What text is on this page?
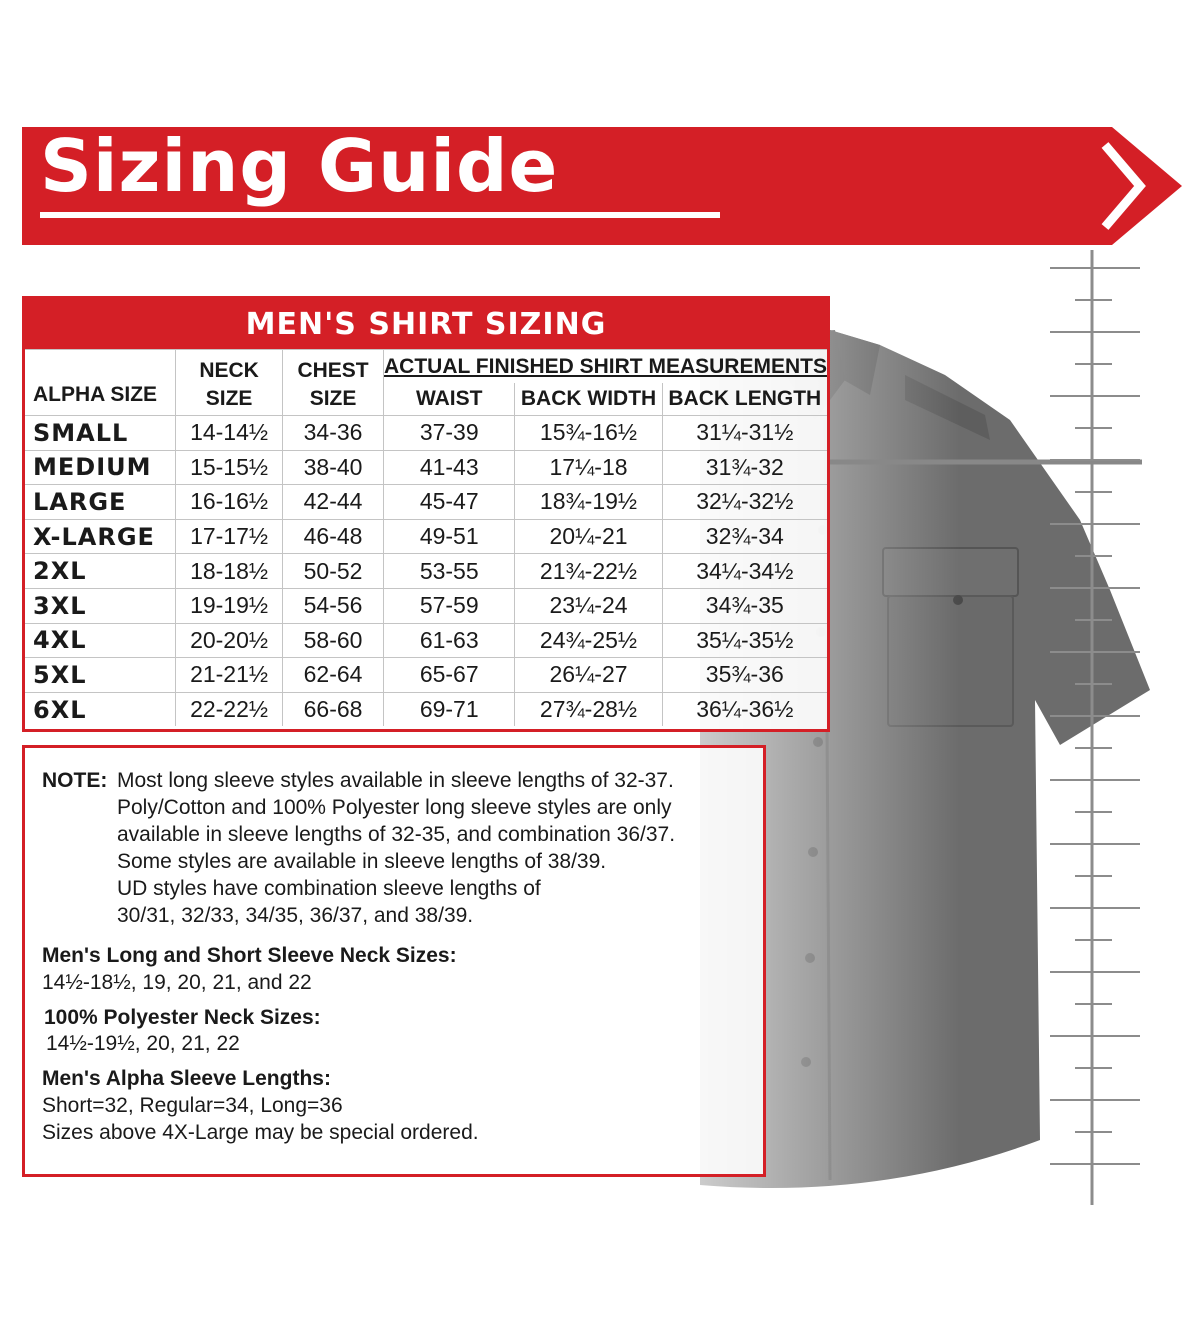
Sizing Guide
MEN'S SHIRT SIZING
ALPHA SIZE	NECK	CHEST	ACTUAL FINISHED SHIRT MEASUREMENTS		
	SIZE	SIZE	WAIST	BACK WIDTH	BACK LENGTH
SMALL	14-14½	34-36	37-39	15¾-16½	31¼-31½
MEDIUM	15-15½	38-40	41-43	17¼-18	31¾-32
LARGE	16-16½	42-44	45-47	18¾-19½	32¼-32½
X-LARGE	17-17½	46-48	49-51	20¼-21	32¾-34
2XL	18-18½	50-52	53-55	21¾-22½	34¼-34½
3XL	19-19½	54-56	57-59	23¼-24	34¾-35
4XL	20-20½	58-60	61-63	24¾-25½	35¼-35½
5XL	21-21½	62-64	65-67	26¼-27	35¾-36
6XL	22-22½	66-68	69-71	27¾-28½	36¼-36½
NOTE: Most long sleeve styles available in sleeve lengths of 32-37.
Poly/Cotton and 100% Polyester long sleeve styles are only
available in sleeve lengths of 32-35, and combination 36/37.
Some styles are available in sleeve lengths of 38/39.
UD styles have combination sleeve lengths of
30/31, 32/33, 34/35, 36/37, and 38/39.
Men's Long and Short Sleeve Neck Sizes:
14½-18½, 19, 20, 21, and 22
100% Polyester Neck Sizes:
14½-19½, 20, 21, 22
Men's Alpha Sleeve Lengths:
Short=32, Regular=34, Long=36
Sizes above 4X-Large may be special ordered.
